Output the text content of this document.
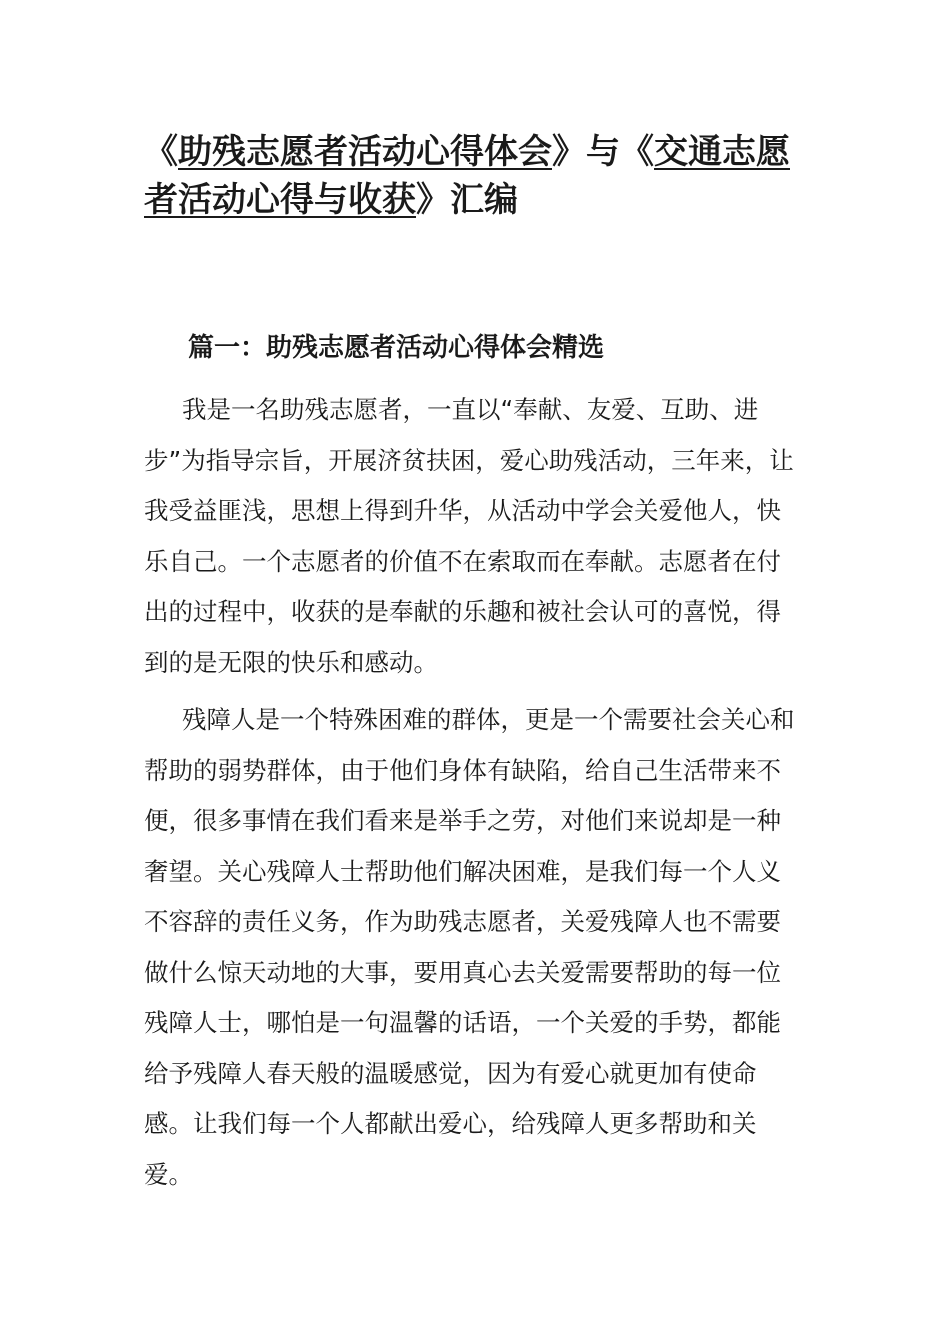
《助残志愿者活动心得体会》与《交通志愿者活动心得与收获》汇编
篇一：助残志愿者活动心得体会精选

我是一名助残志愿者，一直以“奉献、友爱、互助、进步”为指导宗旨，开展济贫扶困，爱心助残活动，三年来，让我受益匪浅，思想上得到升华，从活动中学会关爱他人，快乐自己。一个志愿者的价值不在索取而在奉献。志愿者在付出的过程中，收获的是奉献的乐趣和被社会认可的喜悦，得到的是无限的快乐和感动。

残障人是一个特殊困难的群体，更是一个需要社会关心和帮助的弱势群体，由于他们身体有缺陷，给自己生活带来不便，很多事情在我们看来是举手之劳，对他们来说却是一种奢望。关心残障人士帮助他们解决困难，是我们每一个人义不容辞的责任义务，作为助残志愿者，关爱残障人也不需要做什么惊天动地的大事，要用真心去关爱需要帮助的每一位残障人士，哪怕是一句温馨的话语，一个关爱的手势，都能给予残障人春天般的温暖感觉，因为有爱心就更加有使命感。让我们每一个人都献出爱心，给残障人更多帮助和关爱。
